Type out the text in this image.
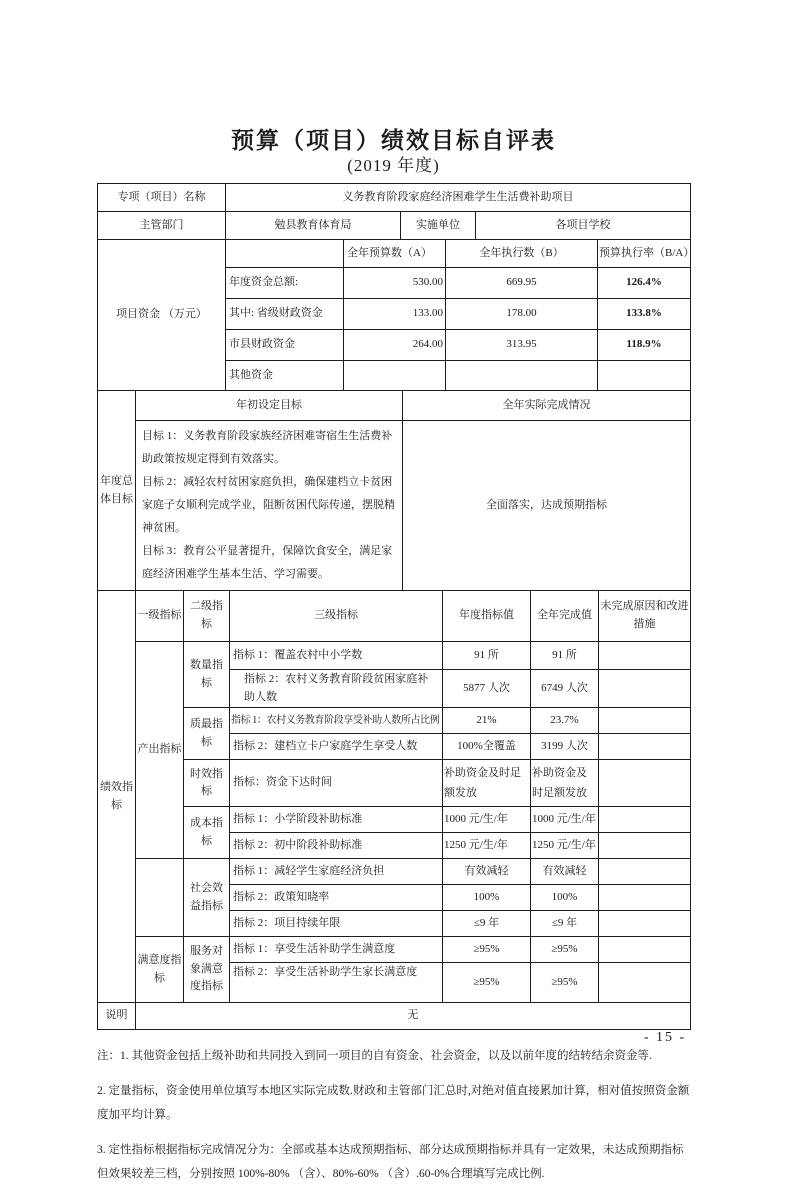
预算（项目）绩效目标自评表
(2019 年度)
专项（项目）名称	义务教育阶段家庭经济困难学生生活费补助项目		
主管部门	勉县教育体育局	实施单位	各项目学校
项目资金 （万元）		全年预算数（A）	全年执行数（B）	预算执行率（B/A）
	年度资金总额:	530.00	669.95	126.4%
	其中: 省级财政资金	133.00	178.00	133.8%
	市县财政资金	264.00	313.95	118.9%
	其他资金			
年度总体目标	年初设定目标	全年实际完成情况

	目标 1：义务教育阶段家族经济困难寄宿生生活费补助政策按规定得到有效落实。
目标 2：减轻农村贫困家庭负担，确保建档立卡贫困家庭子女顺利完成学业，阻断贫困代际传递，摆脱精神贫困。
目标 3：教育公平显著提升，保障饮食安全，满足家庭经济困难学生基本生活、学习需要。	全面落实，达成预期指标
绩效指标	一级指标	二级指标	三级指标	年度指标值	全年完成值	未完成原因和改进措施
	产出指标	数量指标	指标 1：覆盖农村中小学数	91 所	91 所	
			指标 2：农村义务教育阶段贫困家庭补助人数	5877 人次	6749 人次	
		质最指标	指标 1：农村义务教育阶段享受补助人数所占比例	21%	23.7%	
			指标 2：建档立卡户家庭学生享受人数	100%全覆盖	3199 人次	
		时效指标	指标：资金下达时间	补助资金及时足额发放	补助资金及时足额发放	
		成本指标	指标 1：小学阶段补助标准	1000 元/生/年	1000 元/生/年	
			指标 2：初中阶段补助标准	1250 元/生/年	1250 元/生/年	
		社会效益指标	指标 1：减轻学生家庭经济负担	有效减轻	有效减轻	
			指标 2：政策知晓率	100%	100%	
			指标 2：项目持续年限	≤9 年	≤9 年	
	满意度指标	服务对象满意度指标	指标 1：享受生活补助学生满意度	≥95%	≥95%	
			指标 2：享受生活补助学生家长满意度	≥95%	≥95%	
说明	无

注：1. 其他资金包括上级补助和共同投入到同一项目的自有资金、社会资金，以及以前年度的结转结余资金等.

2. 定量指标，资金使用单位填写本地区实际完成数.财政和主管部门汇总时,对绝对值直接累加计算，相对值按照资金额度加平均计算。

3. 定性指标根据指标完成情况分为：全部或基本达成预期指标、部分达成预期指标并具有一定效果，未达成预期指标 但效果较差三档，分别按照 100%-80% （含）、80%-60% （含）.60-0%合理填写完成比例.

- 15 -
